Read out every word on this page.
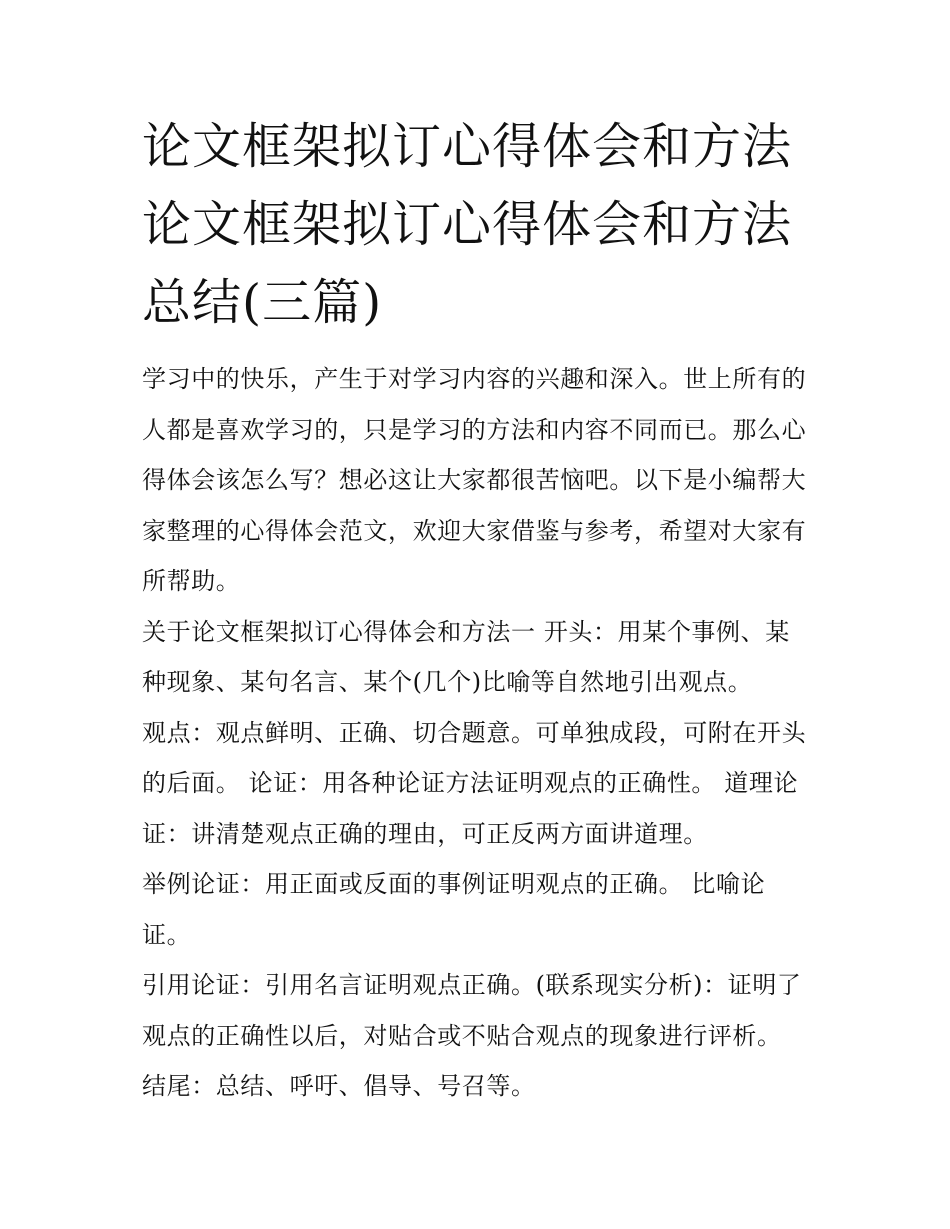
论文框架拟订心得体会和方法
论文框架拟订心得体会和方法
总结(三篇)

学习中的快乐，产生于对学习内容的兴趣和深入。世上所有的人都是喜欢学习的，只是学习的方法和内容不同而已。那么心得体会该怎么写？想必这让大家都很苦恼吧。以下是小编帮大家整理的心得体会范文，欢迎大家借鉴与参考，希望对大家有所帮助。

关于论文框架拟订心得体会和方法一 开头：用某个事例、某种现象、某句名言、某个(几个)比喻等自然地引出观点。

观点：观点鲜明、正确、切合题意。可单独成段，可附在开头的后面。 论证：用各种论证方法证明观点的正确性。 道理论证：讲清楚观点正确的理由，可正反两方面讲道理。

举例论证：用正面或反面的事例证明观点的正确。 比喻论证。

引用论证：引用名言证明观点正确。(联系现实分析)：证明了观点的正确性以后，对贴合或不贴合观点的现象进行评析。

结尾：总结、呼吁、倡导、号召等。
